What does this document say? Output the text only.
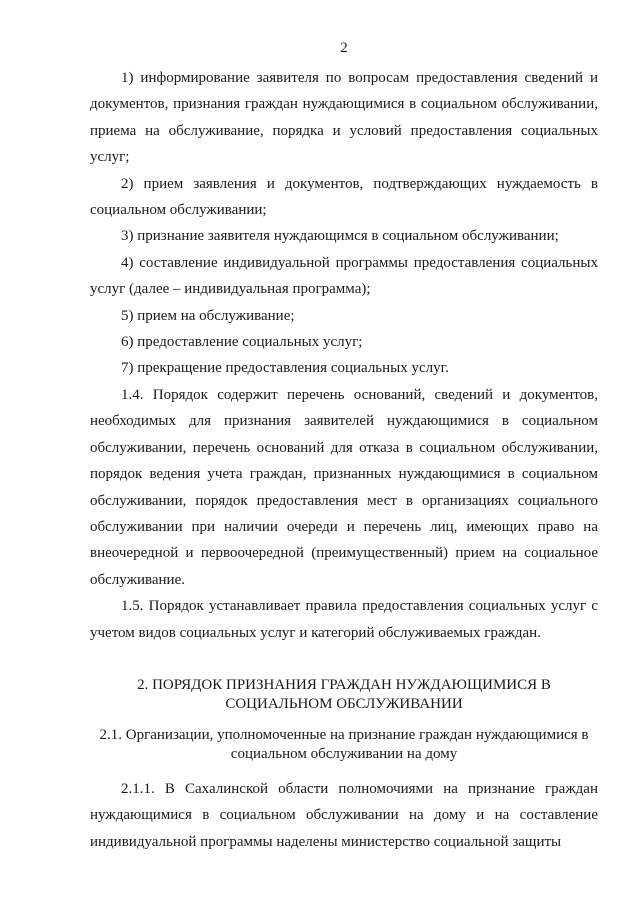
2

1) информирование заявителя по вопросам предоставления сведений и документов, признания граждан нуждающимися в социальном обслуживании, приема на обслуживание, порядка и условий предоставления социальных услуг;

2) прием заявления и документов, подтверждающих нуждаемость в социальном обслуживании;

3) признание заявителя нуждающимся в социальном обслуживании;

4) составление индивидуальной программы предоставления социальных услуг (далее – индивидуальная программа);

5) прием на обслуживание;

6) предоставление социальных услуг;

7) прекращение предоставления социальных услуг.

1.4. Порядок содержит перечень оснований, сведений и документов, необходимых для признания заявителей нуждающимися в социальном обслуживании, перечень оснований для отказа в социальном обслуживании, порядок ведения учета граждан, признанных нуждающимися в социальном обслуживании, порядок предоставления мест в организациях социального обслуживании при наличии очереди и перечень лиц, имеющих право на внеочередной и первоочередной (преимущественный) прием на социальное обслуживание.

1.5. Порядок устанавливает правила предоставления социальных услуг с учетом видов социальных услуг и категорий обслуживаемых граждан.

2. ПОРЯДОК ПРИЗНАНИЯ ГРАЖДАН НУЖДАЮЩИМИСЯ В
СОЦИАЛЬНОМ ОБСЛУЖИВАНИИ
2.1. Организации, уполномоченные на признание граждан нуждающимися в
социальном обслуживании на дому

2.1.1. В Сахалинской области полномочиями на признание граждан нуждающимися в социальном обслуживании на дому и на составление индивидуальной программы наделены министерство социальной защиты
